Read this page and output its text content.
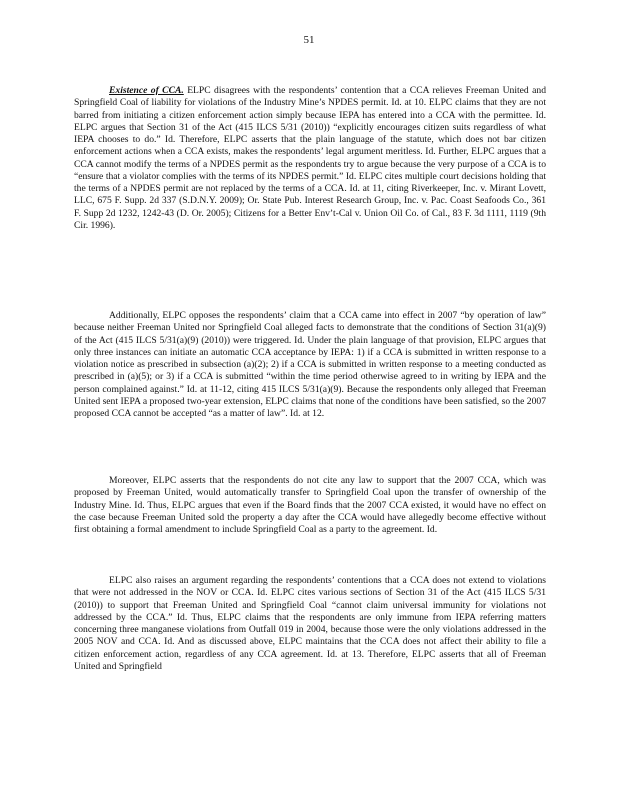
51

Existence of CCA. ELPC disagrees with the respondents’ contention that a CCA relieves Freeman United and Springfield Coal of liability for violations of the Industry Mine’s NPDES permit. Id. at 10. ELPC claims that they are not barred from initiating a citizen enforcement action simply because IEPA has entered into a CCA with the permittee. Id. ELPC argues that Section 31 of the Act (415 ILCS 5/31 (2010)) “explicitly encourages citizen suits regardless of what IEPA chooses to do.” Id. Therefore, ELPC asserts that the plain language of the statute, which does not bar citizen enforcement actions when a CCA exists, makes the respondents’ legal argument meritless. Id. Further, ELPC argues that a CCA cannot modify the terms of a NPDES permit as the respondents try to argue because the very purpose of a CCA is to “ensure that a violator complies with the terms of its NPDES permit.” Id. ELPC cites multiple court decisions holding that the terms of a NPDES permit are not replaced by the terms of a CCA. Id. at 11, citing Riverkeeper, Inc. v. Mirant Lovett, LLC, 675 F. Supp. 2d 337 (S.D.N.Y. 2009); Or. State Pub. Interest Research Group, Inc. v. Pac. Coast Seafoods Co., 361 F. Supp 2d 1232, 1242-43 (D. Or. 2005); Citizens for a Better Env’t-Cal v. Union Oil Co. of Cal., 83 F. 3d 1111, 1119 (9th Cir. 1996).

Additionally, ELPC opposes the respondents’ claim that a CCA came into effect in 2007 “by operation of law” because neither Freeman United nor Springfield Coal alleged facts to demonstrate that the conditions of Section 31(a)(9) of the Act (415 ILCS 5/31(a)(9) (2010)) were triggered. Id. Under the plain language of that provision, ELPC argues that only three instances can initiate an automatic CCA acceptance by IEPA: 1) if a CCA is submitted in written response to a violation notice as prescribed in subsection (a)(2); 2) if a CCA is submitted in written response to a meeting conducted as prescribed in (a)(5); or 3) if a CCA is submitted “within the time period otherwise agreed to in writing by IEPA and the person complained against.” Id. at 11-12, citing 415 ILCS 5/31(a)(9). Because the respondents only alleged that Freeman United sent IEPA a proposed two-year extension, ELPC claims that none of the conditions have been satisfied, so the 2007 proposed CCA cannot be accepted “as a matter of law”. Id. at 12.

Moreover, ELPC asserts that the respondents do not cite any law to support that the 2007 CCA, which was proposed by Freeman United, would automatically transfer to Springfield Coal upon the transfer of ownership of the Industry Mine. Id. Thus, ELPC argues that even if the Board finds that the 2007 CCA existed, it would have no effect on the case because Freeman United sold the property a day after the CCA would have allegedly become effective without first obtaining a formal amendment to include Springfield Coal as a party to the agreement. Id.

ELPC also raises an argument regarding the respondents’ contentions that a CCA does not extend to violations that were not addressed in the NOV or CCA. Id. ELPC cites various sections of Section 31 of the Act (415 ILCS 5/31 (2010)) to support that Freeman United and Springfield Coal “cannot claim universal immunity for violations not addressed by the CCA.” Id. Thus, ELPC claims that the respondents are only immune from IEPA referring matters concerning three manganese violations from Outfall 019 in 2004, because those were the only violations addressed in the 2005 NOV and CCA. Id. And as discussed above, ELPC maintains that the CCA does not affect their ability to file a citizen enforcement action, regardless of any CCA agreement. Id. at 13. Therefore, ELPC asserts that all of Freeman United and Springfield
